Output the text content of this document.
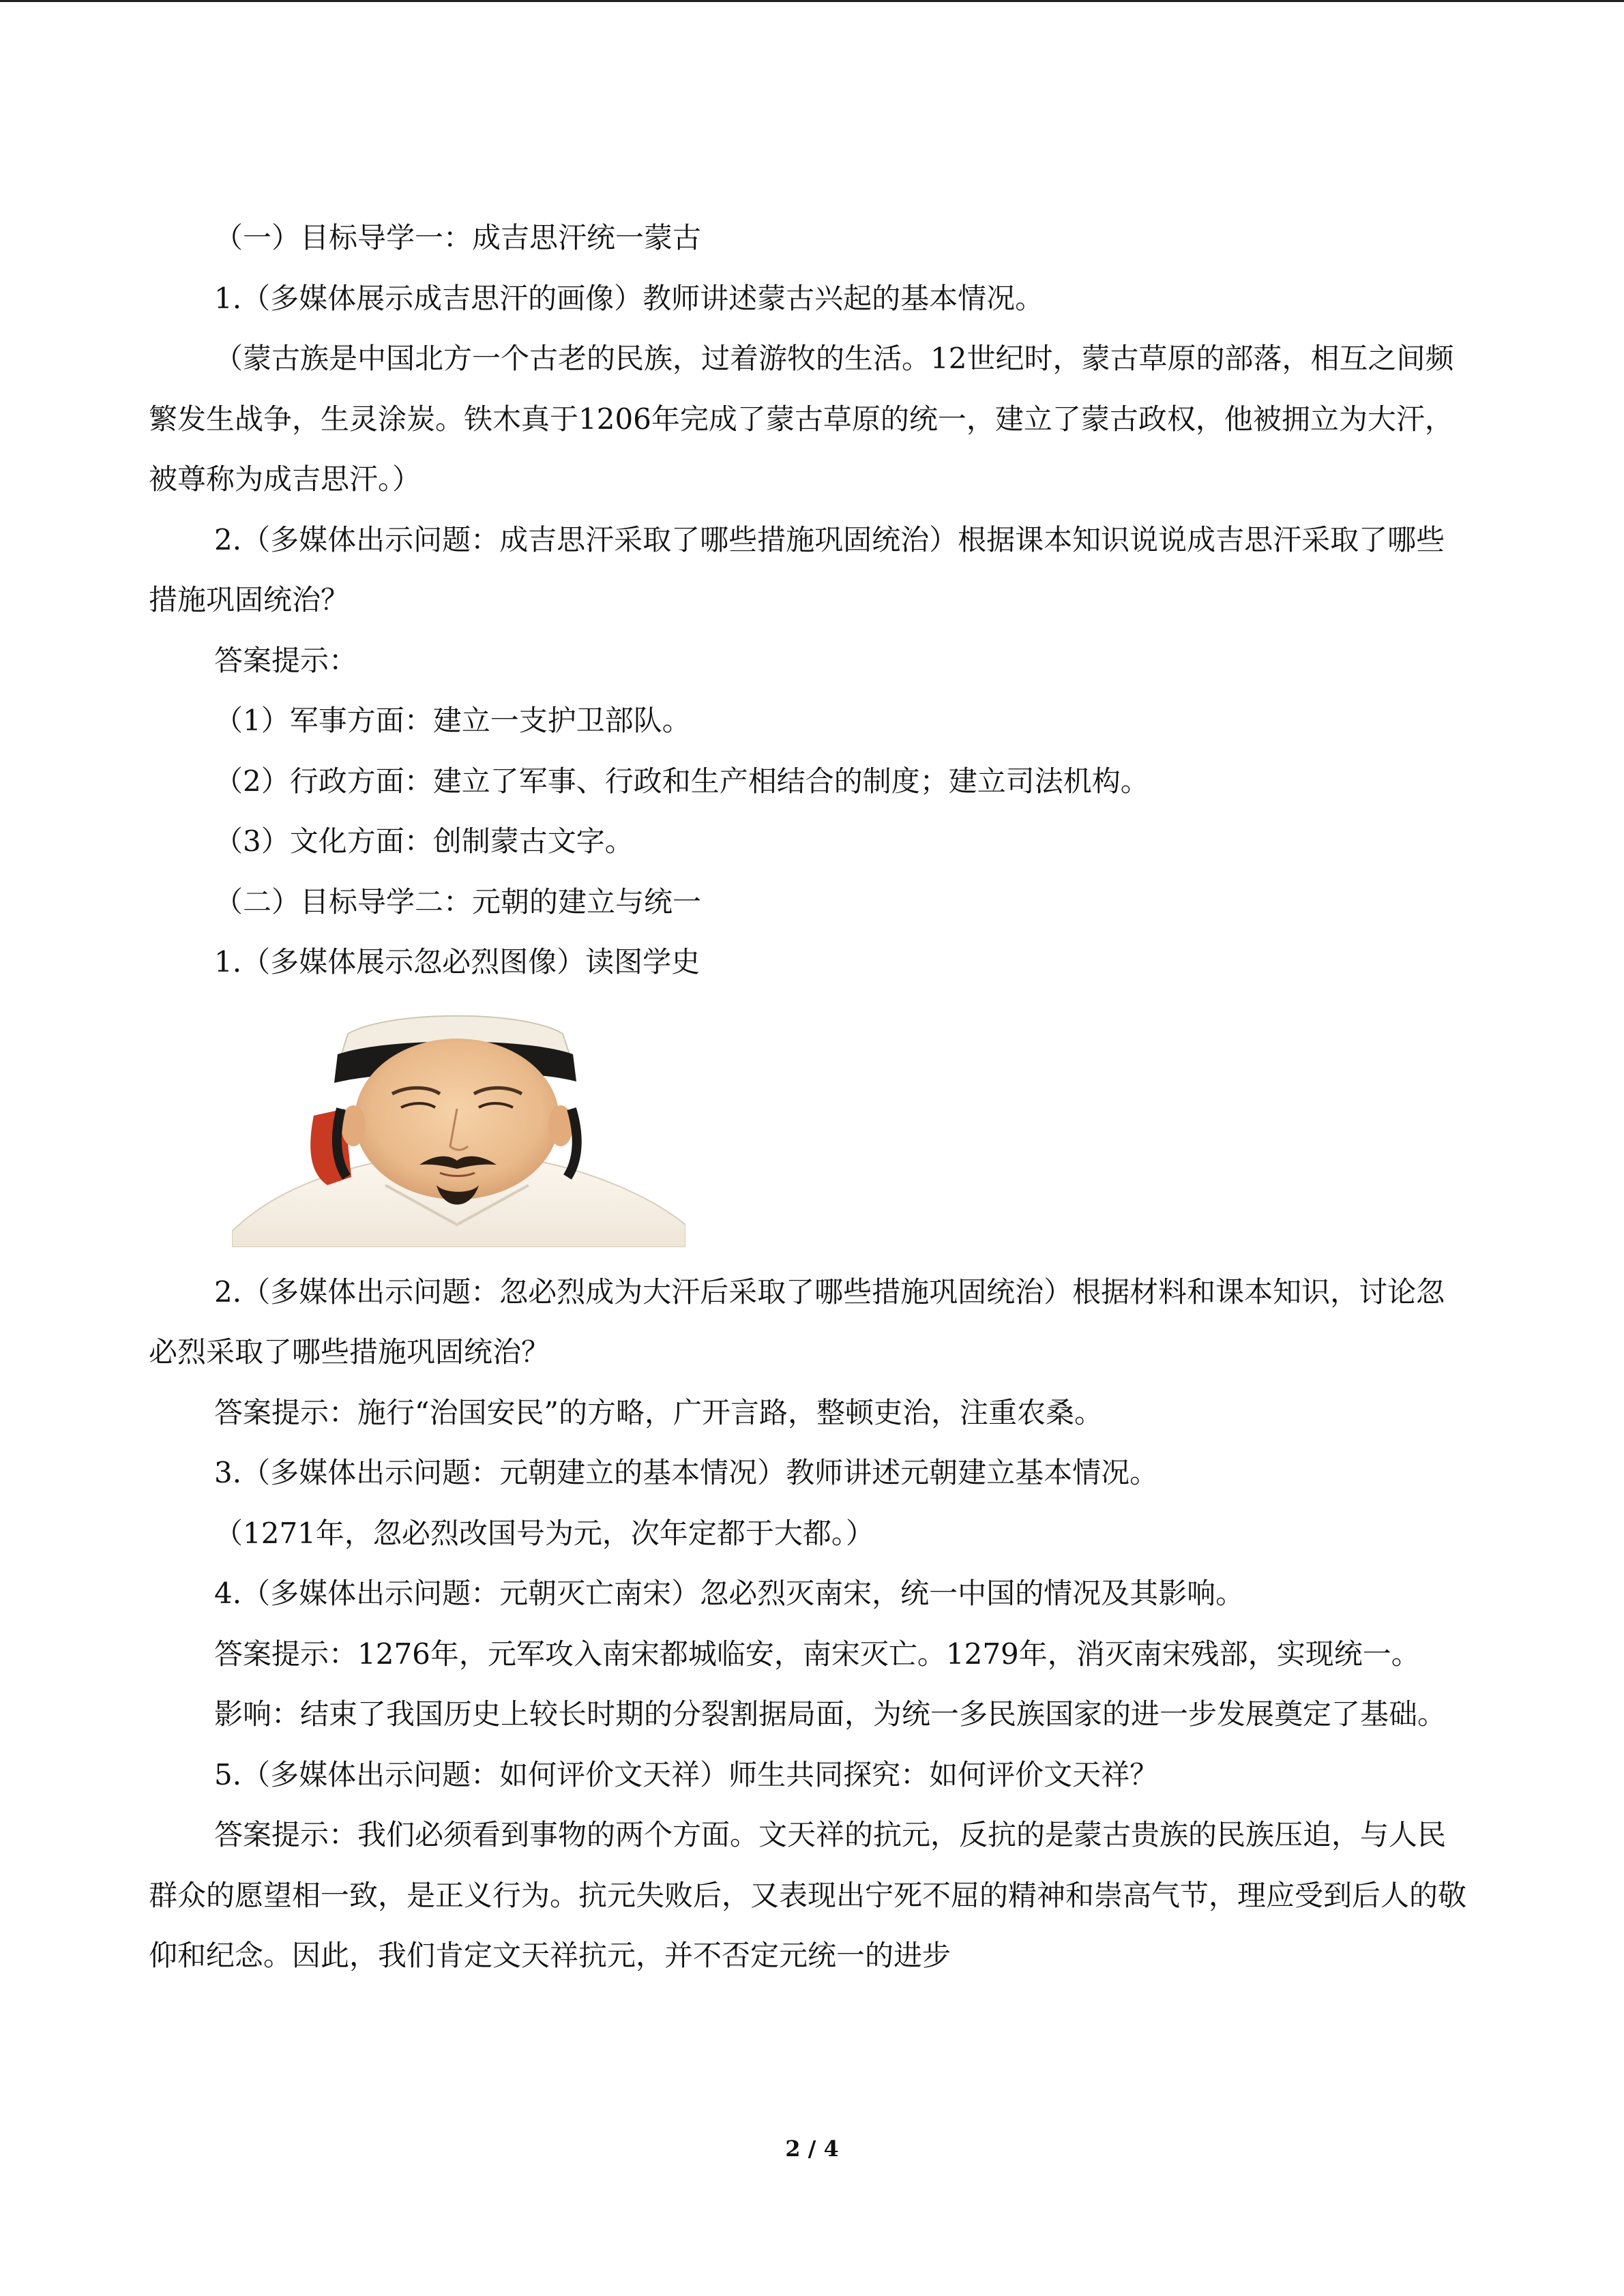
（一）目标导学一：成吉思汗统一蒙古

1.（多媒体展示成吉思汗的画像）教师讲述蒙古兴起的基本情况。

（蒙古族是中国北方一个古老的民族，过着游牧的生活。12世纪时，蒙古草原的部落，相互之间频繁发生战争，生灵涂炭。铁木真于1206年完成了蒙古草原的统一，建立了蒙古政权，他被拥立为大汗，被尊称为成吉思汗。）

2.（多媒体出示问题：成吉思汗采取了哪些措施巩固统治）根据课本知识说说成吉思汗采取了哪些措施巩固统治？

答案提示：

（1）军事方面：建立一支护卫部队。

（2）行政方面：建立了军事、行政和生产相结合的制度；建立司法机构。

（3）文化方面：创制蒙古文字。

（二）目标导学二：元朝的建立与统一

1.（多媒体展示忽必烈图像）读图学史

2.（多媒体出示问题：忽必烈成为大汗后采取了哪些措施巩固统治）根据材料和课本知识，讨论忽必烈采取了哪些措施巩固统治？

答案提示：施行“治国安民”的方略，广开言路，整顿吏治，注重农桑。

3.（多媒体出示问题：元朝建立的基本情况）教师讲述元朝建立基本情况。

（1271年，忽必烈改国号为元，次年定都于大都。）

4.（多媒体出示问题：元朝灭亡南宋）忽必烈灭南宋，统一中国的情况及其影响。

答案提示：1276年，元军攻入南宋都城临安，南宋灭亡。1279年，消灭南宋残部，实现统一。

影响：结束了我国历史上较长时期的分裂割据局面，为统一多民族国家的进一步发展奠定了基础。

5.（多媒体出示问题：如何评价文天祥）师生共同探究：如何评价文天祥？

答案提示：我们必须看到事物的两个方面。文天祥的抗元，反抗的是蒙古贵族的民族压迫，与人民群众的愿望相一致，是正义行为。抗元失败后，又表现出宁死不屈的精神和崇高气节，理应受到后人的敬仰和纪念。因此，我们肯定文天祥抗元，并不否定元统一的进步

2 / 4
